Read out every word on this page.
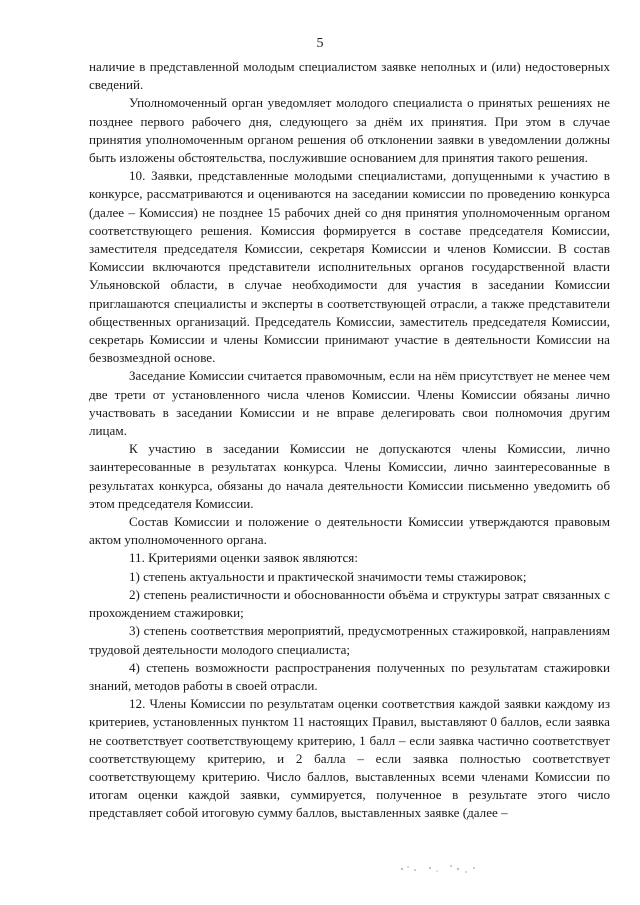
5

наличие в представленной молодым специалистом заявке неполных и (или) недостоверных сведений.

Уполномоченный орган уведомляет молодого специалиста о принятых решениях не позднее первого рабочего дня, следующего за днём их принятия. При этом в случае принятия уполномоченным органом решения об отклонении заявки в уведомлении должны быть изложены обстоятельства, послужившие основанием для принятия такого решения.

10. Заявки, представленные молодыми специалистами, допущенными к участию в конкурсе, рассматриваются и оцениваются на заседании комиссии по проведению конкурса (далее – Комиссия) не позднее 15 рабочих дней со дня принятия уполномоченным органом соответствующего решения. Комиссия формируется в составе председателя Комиссии, заместителя председателя Комиссии, секретаря Комиссии и членов Комиссии. В состав Комиссии включаются представители исполнительных органов государственной власти Ульяновской области, в случае необходимости для участия в заседании Комиссии приглашаются специалисты и эксперты в соответствующей отрасли, а также представители общественных организаций. Председатель Комиссии, заместитель председателя Комиссии, секретарь Комиссии и члены Комиссии принимают участие в деятельности Комиссии на безвозмездной основе.

Заседание Комиссии считается правомочным, если на нём присутствует не менее чем две трети от установленного числа членов Комиссии. Члены Комиссии обязаны лично участвовать в заседании Комиссии и не вправе делегировать свои полномочия другим лицам.

К участию в заседании Комиссии не допускаются члены Комиссии, лично заинтересованные в результатах конкурса. Члены Комиссии, лично заинтересованные в результатах конкурса, обязаны до начала деятельности Комиссии письменно уведомить об этом председателя Комиссии.

Состав Комиссии и положение о деятельности Комиссии утверждаются правовым актом уполномоченного органа.

11. Критериями оценки заявок являются:

1) степень актуальности и практической значимости темы стажировок;

2) степень реалистичности и обоснованности объёма и структуры затрат связанных с прохождением стажировки;

3) степень соответствия мероприятий, предусмотренных стажировкой, направлениям трудовой деятельности молодого специалиста;

4) степень возможности распространения полученных по результатам стажировки знаний, методов работы в своей отрасли.

12. Члены Комиссии по результатам оценки соответствия каждой заявки каждому из критериев, установленных пунктом 11 настоящих Правил, выставляют 0 баллов, если заявка не соответствует соответствующему критерию, 1 балл – если заявка частично соответствует соответствующему критерию, и 2 балла – если заявка полностью соответствует соответствующему критерию. Число баллов, выставленных всеми членами Комиссии по итогам оценки каждой заявки, суммируется, полученное в результате этого число представляет собой итоговую сумму баллов, выставленных заявке (далее –
